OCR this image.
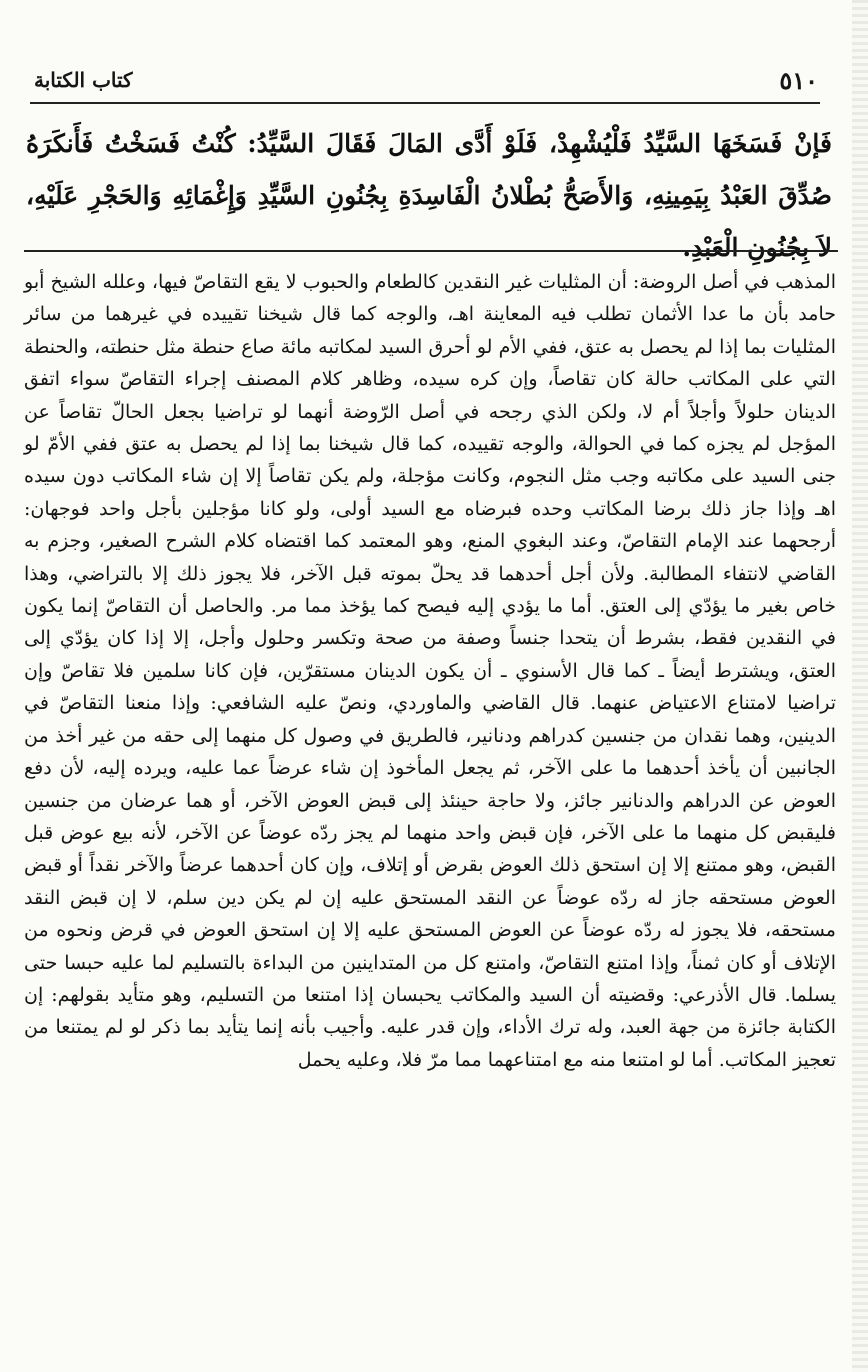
٥١٠
كتاب الكتابة
فَإنْ فَسَخَهَا السَّيِّدُ فَلْيُشْهِدْ، فَلَوْ أَدَّى المَالَ فَقَالَ السَّيِّدُ: كُنْتُ فَسَخْتُ فَأَنكَرَهُ صُدِّقَ العَبْدُ بِيَمِينِهِ، وَالأَصَحُّ بُطْلانُ الْفَاسِدَةِ بِجُنُونِ السَّيِّدِ وَإِغْمَائِهِ وَالحَجْرِ عَلَيْهِ، لاَ بِجُنُونِ الْعَبْدِ.

المذهب في أصل الروضة: أن المثليات غير النقدين كالطعام والحبوب لا يقع التقاصّ فيها، وعلله الشيخ أبو حامد بأن ما عدا الأثمان تطلب فيه المعاينة اهـ، والوجه كما قال شيخنا تقييده في غيرهما من سائر المثليات بما إذا لم يحصل به عتق، ففي الأم لو أحرق السيد لمكاتبه مائة صاع حنطة مثل حنطته، والحنطة التي على المكاتب حالة كان تقاصاً، وإن كره سيده، وظاهر كلام المصنف إجراء التقاصّ سواء اتفق الدينان حلولاً وأجلاً أم لا، ولكن الذي رجحه في أصل الرّوضة أنهما لو تراضيا بجعل الحالّ تقاصاً عن المؤجل لم يجزه كما في الحوالة، والوجه تقييده، كما قال شيخنا بما إذا لم يحصل به عتق ففي الأمّ لو جنى السيد على مكاتبه وجب مثل النجوم، وكانت مؤجلة، ولم يكن تقاصاً إلا إن شاء المكاتب دون سيده اهـ وإذا جاز ذلك برضا المكاتب وحده فبرضاه مع السيد أولى، ولو كانا مؤجلين بأجل واحد فوجهان: أرجحهما عند الإمام التقاصّ، وعند البغوي المنع، وهو المعتمد كما اقتضاه كلام الشرح الصغير، وجزم به القاضي لانتفاء المطالبة. ولأن أجل أحدهما قد يحلّ بموته قبل الآخر، فلا يجوز ذلك إلا بالتراضي، وهذا خاص بغير ما يؤدّي إلى العتق. أما ما يؤدي إليه فيصح كما يؤخذ مما مر. والحاصل أن التقاصّ إنما يكون في النقدين فقط، بشرط أن يتحدا جنساً وصفة من صحة وتكسر وحلول وأجل، إلا إذا كان يؤدّي إلى العتق، ويشترط أيضاً ـ كما قال الأسنوي ـ أن يكون الدينان مستقرّين، فإن كانا سلمين فلا تقاصّ وإن تراضيا لامتناع الاعتياض عنهما. قال القاضي والماوردي، ونصّ عليه الشافعي: وإذا منعنا التقاصّ في الدينين، وهما نقدان من جنسين كدراهم ودنانير، فالطريق في وصول كل منهما إلى حقه من غير أخذ من الجانبين أن يأخذ أحدهما ما على الآخر، ثم يجعل المأخوذ إن شاء عرضاً عما عليه، ويرده إليه، لأن دفع العوض عن الدراهم والدنانير جائز، ولا حاجة حينئذ إلى قبض العوض الآخر، أو هما عرضان من جنسين فليقبض كل منهما ما على الآخر، فإن قبض واحد منهما لم يجز ردّه عوضاً عن الآخر، لأنه بيع عوض قبل القبض، وهو ممتنع إلا إن استحق ذلك العوض بقرض أو إتلاف، وإن كان أحدهما عرضاً والآخر نقداً أو قبض العوض مستحقه جاز له ردّه عوضاً عن النقد المستحق عليه إن لم يكن دين سلم، لا إن قبض النقد مستحقه، فلا يجوز له ردّه عوضاً عن العوض المستحق عليه إلا إن استحق العوض في قرض ونحوه من الإتلاف أو كان ثمناً، وإذا امتنع التقاصّ، وامتنع كل من المتداينين من البداءة بالتسليم لما عليه حبسا حتى يسلما. قال الأذرعي: وقضيته أن السيد والمكاتب يحبسان إذا امتنعا من التسليم، وهو متأيد بقولهم: إن الكتابة جائزة من جهة العبد، وله ترك الأداء، وإن قدر عليه. وأجيب بأنه إنما يتأيد بما ذكر لو لم يمتنعا من تعجيز المكاتب. أما لو امتنعا منه مع امتناعهما مما مرّ فلا، وعليه يحمل
